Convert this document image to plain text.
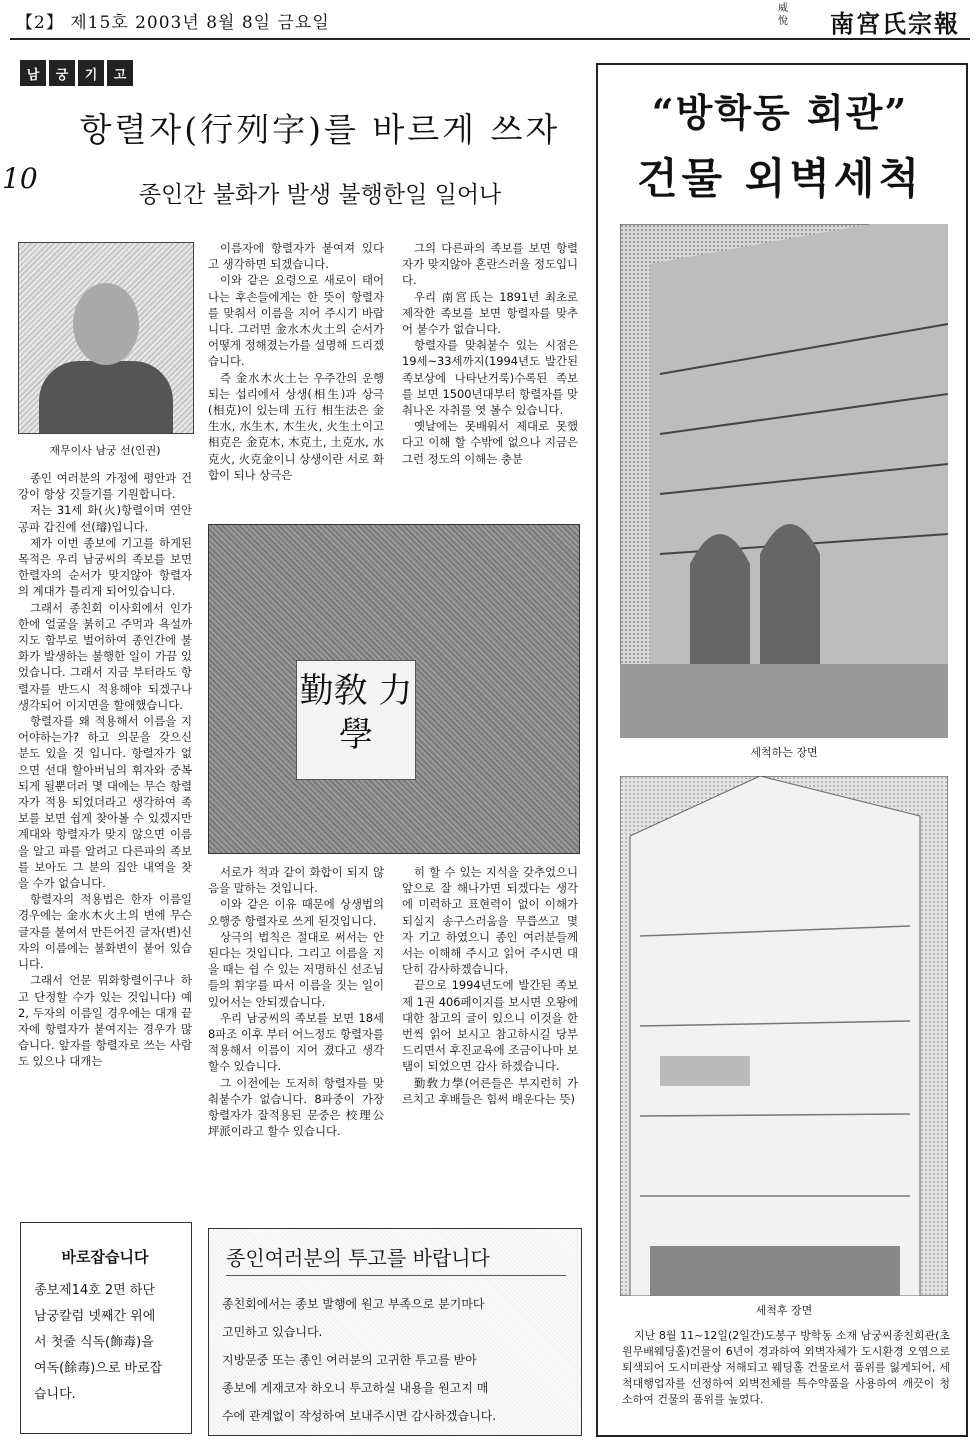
【2】 제15호 2003년 8월 8일 금요일
威悅 南宮氏宗報
남	궁	기	고
10
항렬자(行列字)를 바르게 쓰자
종인간 불화가 발생 불행한일 일어나
재무이사 남궁 선(인권)

종인 여러분의 가정에 평안과 건강이 항상 깃들기를 기원합니다.

저는 31세 화(火)항렬이며 연안공파 갑진에 선(璿)입니다.

제가 이번 종보에 기고를 하게된 목적은 우리 남궁씨의 족보를 보면 한렬자의 순서가 맞지않아 항렬자의 계대가 틀리게 되어있습니다.

그래서 종친회 이사회에서 인가한에 얼굴을 붉히고 주먹과 욕설까지도 함부로 벌어하여 종인간에 불화가 발생하는 불행한 일이 가끔 있었습니다. 그래서 지금 부터라도 항렬자를 반드시 적용해야 되겠구나 생각되어 이지면을 할애했습니다.

항렬자를 왜 적용해서 이름을 지어야하는가? 하고 의문을 갖으신 분도 있을 것 입니다. 항렬자가 없으면 선대 할아버님의 휘자와 중복되게 될뿐더러 몇 대에는 무슨 항렬자가 적용 되었더라고 생각하여 족보를 보면 쉽게 찾아볼 수 있겠지만 계대와 항렬자가 맞지 않으면 이름을 알고 파를 알려고 다른파의 족보를 보아도 그 분의 집안 내역을 찾을 수가 없습니다.

항렬자의 적용법은 한자 이름일 경우에는 金水木火土의 변에 무슨 글자를 붙여서 만든어진 글자(변)신자의 이름에는 불화변이 붙어 있습니다.

그래서 언문 뭐화항렬이구나 하고 단정할 수가 있는 것입니다) 예2, 두자의 이름일 경우에는 대개 끝자에 항렬자가 붙여지는 경우가 많습니다. 앞자를 항렬자로 쓰는 사람도 있으나 대개는

이름자에 항렬자가 붙여져 있다고 생각하면 되겠습니다.

이와 같은 요령으로 새로이 태어나는 후손들에게는 한 뜻이 항렬자를 맞춰서 이름을 지어 주시기 바랍니다. 그러면 金水木火土의 순서가 어떻게 정해졌는가를 설명해 드리겠습니다.

즉 金水木火土는 우주간의 운행되는 섭리에서 상생(相生)과 상극(相克)이 있는데 五行 相生法은 金生水, 水生木, 木生火, 火生土이고 相克은 金克木, 木克土, 土克水, 水克火, 火克金이니 상생이란 서로 화합이 되나 상극은

그의 다른파의 족보를 보면 항렬자가 맞지않아 혼란스러울 정도입니다.

우리 南宮氏는 1891년 최초로 제작한 족보를 보면 항렬자를 맞추어 붙수가 없습니다.

항렬자를 맞춰붙수 있는 시점은 19세~33세까지(1994년도 발간된 족보상에 나타난거룩)수록된 족보를 보면 1500년대부터 항렬자를 맞춰나온 자취를 엿 볼수 있습니다.

옛날에는 못배워서 제대로 못했다고 이해 할 수밖에 없으나 지금은 그런 정도의 이해는 충분

勤敎 力學

서로가 적과 같이 화합이 되지 않음을 말하는 것입니다.

이와 같은 이유 때문에 상생법의 오행중 항렬자로 쓰게 된것입니다.

상극의 법칙은 절대로 써서는 안된다는 것입니다. 그리고 이름을 지을 때는 쉽 수 있는 저명하신 선조님들의 휘字를 따서 이름을 짓는 일이 있어서는 안되겠습니다.

우리 남궁씨의 족보를 보면 18세 8파조 이후 부터 어느정도 항렬자를 적용해서 이름이 지어 졌다고 생각할수 있습니다.

그 이전에는 도저히 항렬자를 맞춰붙수가 없습니다. 8파중이 가장 항렬자가 잘적용된 문중은 校理公 坪派이라고 할수 있습니다.

히 할 수 있는 지식을 갖추었으니 앞으로 잘 해나가면 되겠다는 생각에 미력하고 표현력이 없이 이해가 되실지 송구스러움을 무릅쓰고 몇 자 기고 하였으니 종인 여러분들께서는 이해해 주시고 읽어 주시면 대단히 감사하겠습니다.

끝으로 1994년도에 발간된 족보 제 1권 406페이지를 보시면 오왕에 대한 참고의 글이 있으니 이것을 한번씩 읽어 보시고 참고하시길 당부 드리면서 후진교육에 조금이나마 보탬이 되었으면 감사 하겠습니다.

勤敎力學(어른들은 부지런히 가르치고 후배들은 힘써 배운다는 뜻)

바로잡습니다
종보제14호 2면 하단
남궁칼럼 넷째간 위에
서 첫줄 식독(飾毒)을
여독(餘毒)으로 바로잡
습니다.
종인여러분의 투고를 바랍니다
종친회에서는 종보 발행에 원고 부족으로 분기마다
고민하고 있습니다.
지방문중 또는 종인 여러분의 고귀한 투고를 받아
종보에 게재코자 하오니 투고하실 내용을 원고지 매
수에 관계없이 작성하여 보내주시면 감사하겠습니다.
“방학동 회관”
건물 외벽세척
세척하는 장면
세척후 장면
지난 8월 11~12일(2일간)도봉구 방학동 소재 남궁씨종친회관(초원무배웨딩홀)건물이 6년이 경과하여 외벽자체가 도시환경 오염으로 퇴색되어 도시미관상 저해되고 웨딩홀 건물로서 품위를 잃게되어, 세척대행업자를 선정하여 외벽전체를 특수약품을 사용하여 깨끗이 청소하여 건물의 품위를 높였다.
